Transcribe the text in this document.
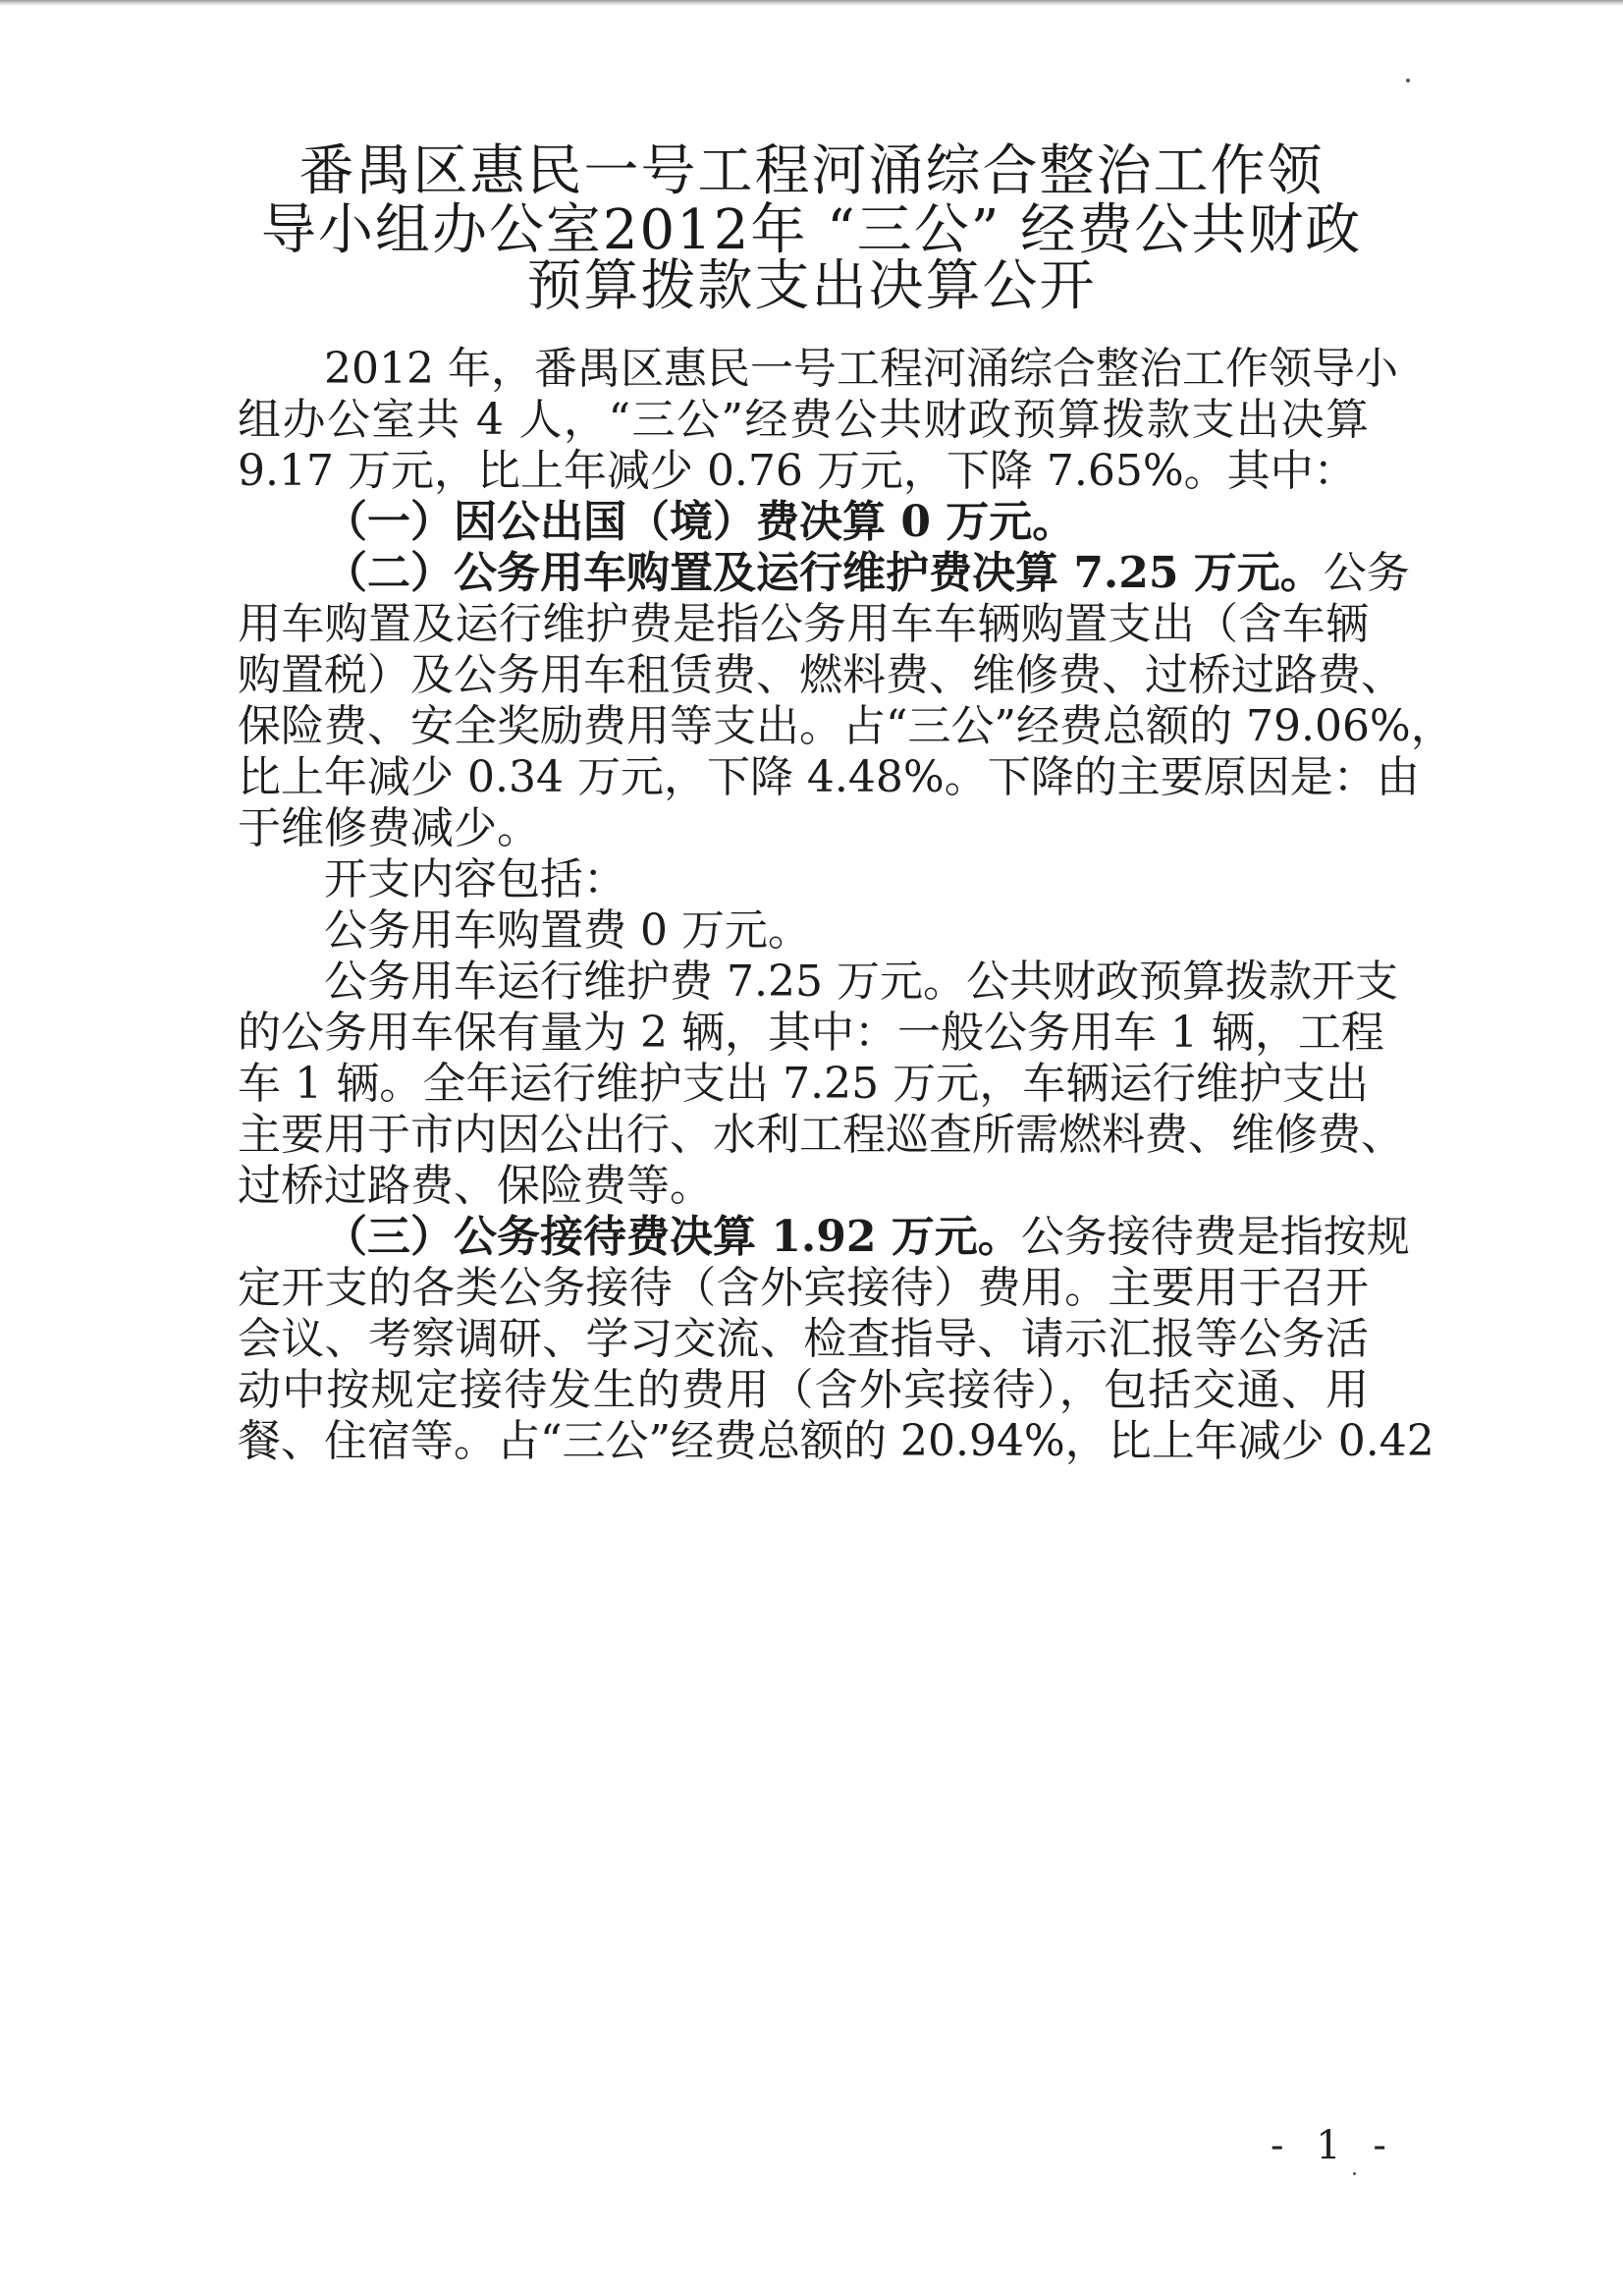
番禺区惠民一号工程河涌综合整治工作领
导小组办公室2012年 “三公” 经费公共财政
预算拨款支出决算公开
2012 年，番禺区惠民一号工程河涌综合整治工作领导小
组办公室共 4 人，“三公”经费公共财政预算拨款支出决算
9.17 万元，比上年减少 0.76 万元，下降 7.65%。其中：
（一）因公出国（境）费决算 0 万元。
（二）公务用车购置及运行维护费决算 7.25 万元。公务
用车购置及运行维护费是指公务用车车辆购置支出（含车辆
购置税）及公务用车租赁费、燃料费、维修费、过桥过路费、
保险费、安全奖励费用等支出。占“三公”经费总额的 79.06%，
比上年减少 0.34 万元，下降 4.48%。下降的主要原因是：由
于维修费减少。
开支内容包括：
公务用车购置费 0 万元。
公务用车运行维护费 7.25 万元。公共财政预算拨款开支
的公务用车保有量为 2 辆，其中：一般公务用车 1 辆，工程
车 1 辆。全年运行维护支出 7.25 万元，车辆运行维护支出
主要用于市内因公出行、水利工程巡查所需燃料费、维修费、
过桥过路费、保险费等。
（三）公务接待费决算 1.92 万元。公务接待费是指按规
定开支的各类公务接待（含外宾接待）费用。主要用于召开
会议、考察调研、学习交流、检查指导、请示汇报等公务活
动中按规定接待发生的费用（含外宾接待），包括交通、用
餐、住宿等。占“三公”经费总额的 20.94%，比上年减少 0.42
- 1 -
